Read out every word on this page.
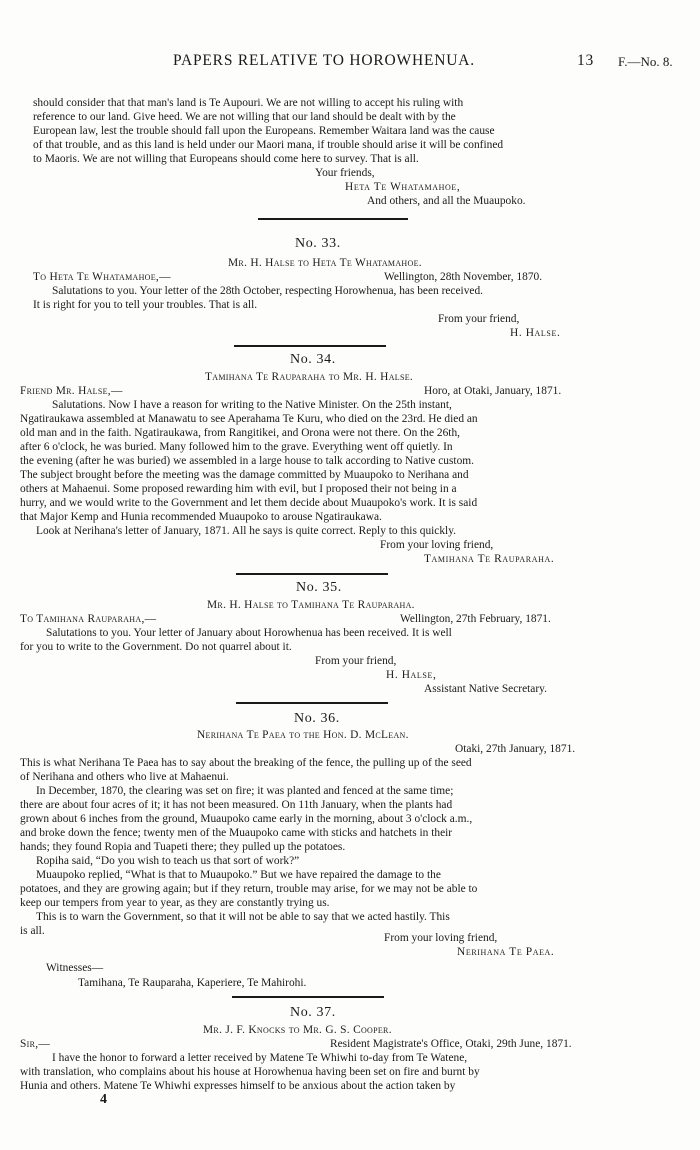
PAPERS RELATIVE TO HOROWHENUA.	13 F.—No. 8.
should consider that that man's land is Te Aupouri. We are not willing to accept his ruling with
reference to our land. Give heed. We are not willing that our land should be dealt with by the
European law, lest the trouble should fall upon the Europeans. Remember Waitara land was the cause
of that trouble, and as this land is held under our Maori mana, if trouble should arise it will be confined
to Maoris. We are not willing that Europeans should come here to survey. That is all.
Your friends,
Heta Te Whatamahoe,
And others, and all the Muaupoko.
No. 33.
Mr. H. Halse to Heta Te Whatamahoe.
To Heta Te Whatamahoe,—	Wellington, 28th November, 1870.
Salutations to you. Your letter of the 28th October, respecting Horowhenua, has been received.
It is right for you to tell your troubles. That is all.
From your friend,
H. Halse.
No. 34.
Tamihana Te Rauparaha to Mr. H. Halse.
Friend Mr. Halse,—	Horo, at Otaki, January, 1871.
Salutations. Now I have a reason for writing to the Native Minister. On the 25th instant,
Ngatiraukawa assembled at Manawatu to see Aperahama Te Kuru, who died on the 23rd. He died an
old man and in the faith. Ngatiraukawa, from Rangitikei, and Orona were not there. On the 26th,
after 6 o'clock, he was buried. Many followed him to the grave. Everything went off quietly. In
the evening (after he was buried) we assembled in a large house to talk according to Native custom.
The subject brought before the meeting was the damage committed by Muaupoko to Nerihana and
others at Mahaenui. Some proposed rewarding him with evil, but I proposed their not being in a
hurry, and we would write to the Government and let them decide about Muaupoko's work. It is said
that Major Kemp and Hunia recommended Muaupoko to arouse Ngatiraukawa.
Look at Nerihana's letter of January, 1871. All he says is quite correct. Reply to this quickly.
From your loving friend,
Tamihana Te Rauparaha.
No. 35.
Mr. H. Halse to Tamihana Te Rauparaha.
To Tamihana Rauparaha,—	Wellington, 27th February, 1871.
Salutations to you. Your letter of January about Horowhenua has been received. It is well
for you to write to the Government. Do not quarrel about it.
From your friend,
H. Halse,
Assistant Native Secretary.
No. 36.
Nerihana Te Paea to the Hon. D. McLean.
Otaki, 27th January, 1871.
This is what Nerihana Te Paea has to say about the breaking of the fence, the pulling up of the seed
of Nerihana and others who live at Mahaenui.
In December, 1870, the clearing was set on fire; it was planted and fenced at the same time;
there are about four acres of it; it has not been measured. On 11th January, when the plants had
grown about 6 inches from the ground, Muaupoko came early in the morning, about 3 o'clock a.m.,
and broke down the fence; twenty men of the Muaupoko came with sticks and hatchets in their
hands; they found Ropia and Tuapeti there; they pulled up the potatoes.
Ropiha said, “Do you wish to teach us that sort of work?”
Muaupoko replied, “What is that to Muaupoko.” But we have repaired the damage to the
potatoes, and they are growing again; but if they return, trouble may arise, for we may not be able to
keep our tempers from year to year, as they are constantly trying us.
This is to warn the Government, so that it will not be able to say that we acted hastily. This
is all.
From your loving friend,
Nerihana Te Paea.
Witnesses—
Tamihana, Te Rauparaha, Kaperiere, Te Mahirohi.
No. 37.
Mr. J. F. Knocks to Mr. G. S. Cooper.
Sir,—	Resident Magistrate's Office, Otaki, 29th June, 1871.
I have the honor to forward a letter received by Matene Te Whiwhi to-day from Te Watene,
with translation, who complains about his house at Horowhenua having been set on fire and burnt by
Hunia and others. Matene Te Whiwhi expresses himself to be anxious about the action taken by
4
